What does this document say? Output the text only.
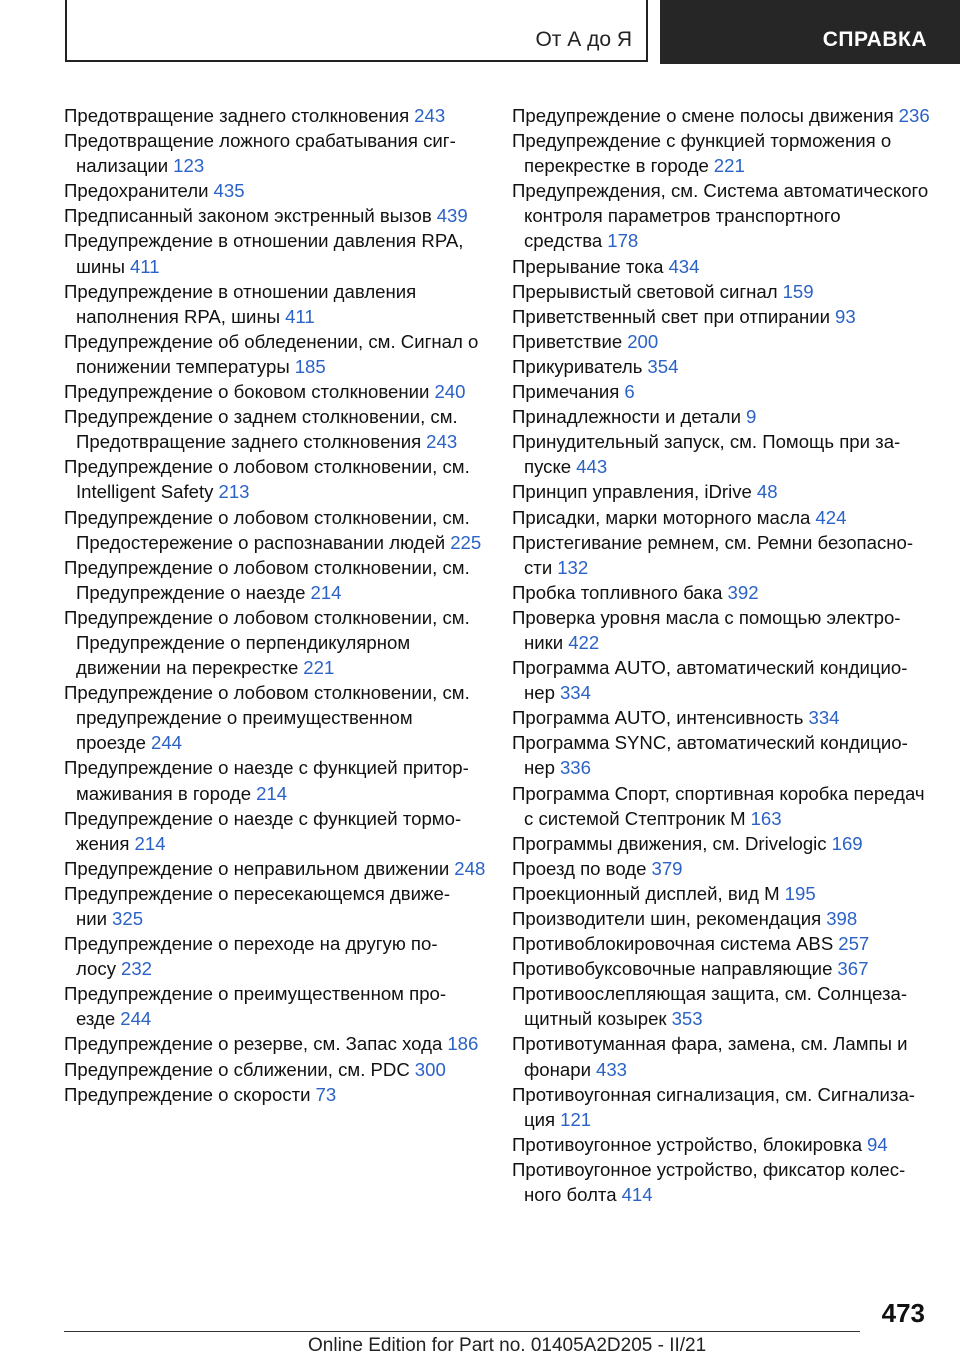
От А до Я	СПРАВКА
Предотвращение заднего столкновения 243
Предотвращение ложного срабатывания сигнализации 123
Предохранители 435
Предписанный законом экстренный вызов 439
Предупреждение в отношении давления RPA, шины 411
Предупреждение в отношении давления наполнения RPA, шины 411
Предупреждение об обледенении, см. Сигнал о понижении температуры 185
Предупреждение о боковом столкновении 240
Предупреждение о заднем столкновении, см. Предотвращение заднего столкновения 243
Предупреждение о лобовом столкновении, см. Intelligent Safety 213
Предупреждение о лобовом столкновении, см. Предостережение о распознавании людей 225
Предупреждение о лобовом столкновении, см. Предупреждение о наезде 214
Предупреждение о лобовом столкновении, см. Предупреждение о перпендикулярном движении на перекрестке 221
Предупреждение о лобовом столкновении, см. предупреждение о преимущественном проезде 244
Предупреждение о наезде с функцией притормаживания в городе 214
Предупреждение о наезде с функцией торможения 214
Предупреждение о неправильном движении 248
Предупреждение о пересекающемся движении 325
Предупреждение о переходе на другую полосу 232
Предупреждение о преимущественном проезде 244
Предупреждение о резерве, см. Запас хода 186
Предупреждение о сближении, см. PDC 300
Предупреждение о скорости 73
Предупреждение о смене полосы движения 236
Предупреждение с функцией торможения о перекрестке в городе 221
Предупреждения, см. Система автоматического контроля параметров транспортного средства 178
Прерывание тока 434
Прерывистый световой сигнал 159
Приветственный свет при отпирании 93
Приветствие 200
Прикуриватель 354
Примечания 6
Принадлежности и детали 9
Принудительный запуск, см. Помощь при запуске 443
Принцип управления, iDrive 48
Присадки, марки моторного масла 424
Пристегивание ремнем, см. Ремни безопасности 132
Пробка топливного бака 392
Проверка уровня масла с помощью электроники 422
Программа AUTO, автоматический кондиционер 334
Программа AUTO, интенсивность 334
Программа SYNC, автоматический кондиционер 336
Программа Спорт, спортивная коробка передач с системой Стептроник M 163
Программы движения, см. Drivelogic 169
Проезд по воде 379
Проекционный дисплей, вид M 195
Производители шин, рекомендация 398
Противоблокировочная система ABS 257
Противобуксовочные направляющие 367
Противоослепляющая защита, см. Солнцезащитный козырек 353
Противотуманная фара, замена, см. Лампы и фонари 433
Противоугонная сигнализация, см. Сигнализация 121
Противоугонное устройство, блокировка 94
Противоугонное устройство, фиксатор колесного болта 414
473
Online Edition for Part no. 01405A2D205 - II/21
